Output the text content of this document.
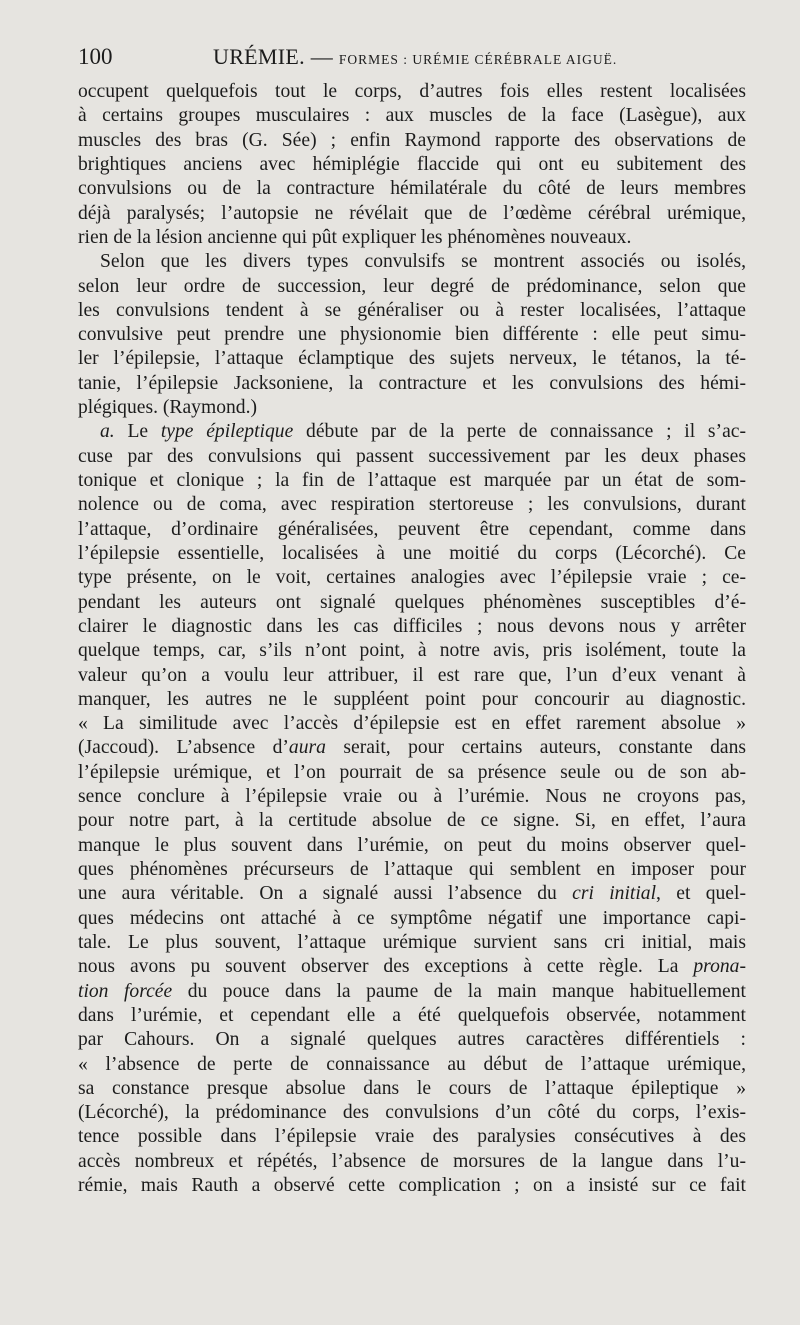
100	URÉMIE. — FORMES : URÉMIE CÉRÉBRALE AIGUË.
occupent quelquefois tout le corps, d’autres fois elles restent localisées
à certains groupes musculaires : aux muscles de la face (Lasègue), aux
muscles des bras (G. Sée) ; enfin Raymond rapporte des observations de
brightiques anciens avec hémiplégie flaccide qui ont eu subitement des
convulsions ou de la contracture hémilatérale du côté de leurs membres
déjà paralysés; l’autopsie ne révélait que de l’œdème cérébral urémique,
rien de la lésion ancienne qui pût expliquer les phénomènes nouveaux.
Selon que les divers types convulsifs se montrent associés ou isolés,
selon leur ordre de succession, leur degré de prédominance, selon que
les convulsions tendent à se généraliser ou à rester localisées, l’attaque
convulsive peut prendre une physionomie bien différente : elle peut simu-
ler l’épilepsie, l’attaque éclamptique des sujets nerveux, le tétanos, la té-
tanie, l’épilepsie Jacksoniene, la contracture et les convulsions des hémi-
plégiques. (Raymond.)
a. Le type épileptique débute par de la perte de connaissance ; il s’ac-
cuse par des convulsions qui passent successivement par les deux phases
tonique et clonique ; la fin de l’attaque est marquée par un état de som-
nolence ou de coma, avec respiration stertoreuse ; les convulsions, durant
l’attaque, d’ordinaire généralisées, peuvent être cependant, comme dans
l’épilepsie essentielle, localisées à une moitié du corps (Lécorché). Ce
type présente, on le voit, certaines analogies avec l’épilepsie vraie ; ce-
pendant les auteurs ont signalé quelques phénomènes susceptibles d’é-
clairer le diagnostic dans les cas difficiles ; nous devons nous y arrêter
quelque temps, car, s’ils n’ont point, à notre avis, pris isolément, toute la
valeur qu’on a voulu leur attribuer, il est rare que, l’un d’eux venant à
manquer, les autres ne le suppléent point pour concourir au diagnostic.
« La similitude avec l’accès d’épilepsie est en effet rarement absolue »
(Jaccoud). L’absence d’aura serait, pour certains auteurs, constante dans
l’épilepsie urémique, et l’on pourrait de sa présence seule ou de son ab-
sence conclure à l’épilepsie vraie ou à l’urémie. Nous ne croyons pas,
pour notre part, à la certitude absolue de ce signe. Si, en effet, l’aura
manque le plus souvent dans l’urémie, on peut du moins observer quel-
ques phénomènes précurseurs de l’attaque qui semblent en imposer pour
une aura véritable. On a signalé aussi l’absence du cri initial, et quel-
ques médecins ont attaché à ce symptôme négatif une importance capi-
tale. Le plus souvent, l’attaque urémique survient sans cri initial, mais
nous avons pu souvent observer des exceptions à cette règle. La prona-
tion forcée du pouce dans la paume de la main manque habituellement
dans l’urémie, et cependant elle a été quelquefois observée, notamment
par Cahours. On a signalé quelques autres caractères différentiels :
« l’absence de perte de connaissance au début de l’attaque urémique,
sa constance presque absolue dans le cours de l’attaque épileptique »
(Lécorché), la prédominance des convulsions d’un côté du corps, l’exis-
tence possible dans l’épilepsie vraie des paralysies consécutives à des
accès nombreux et répétés, l’absence de morsures de la langue dans l’u-
rémie, mais Rauth a observé cette complication ; on a insisté sur ce fait
